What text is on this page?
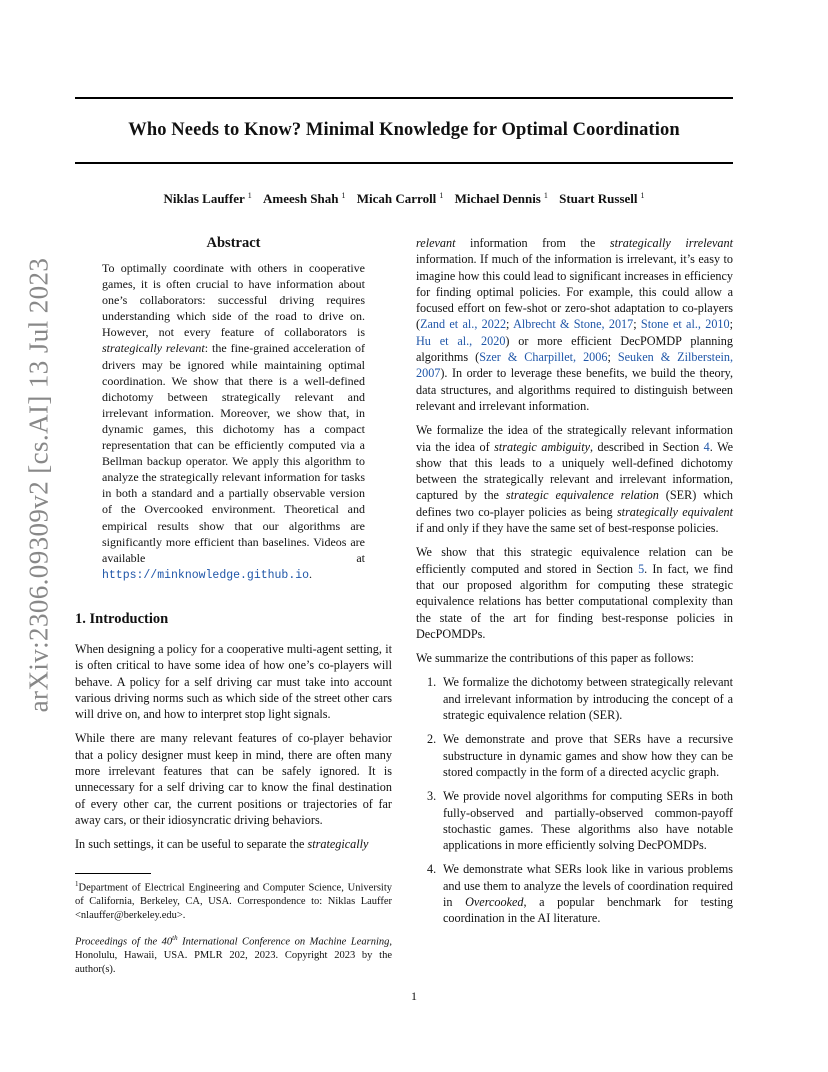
Who Needs to Know? Minimal Knowledge for Optimal Coordination
Niklas Lauffer $^1$ Ameesh Shah $^1$ Micah Carroll $^1$ Michael Dennis $^1$ Stuart Russell $^1$
arXiv:2306.09309v2 [cs.AI] 13 Jul 2023
Abstract
To optimally coordinate with others in cooperative games, it is often crucial to have information about one’s collaborators: successful driving requires understanding which side of the road to drive on. However, not every feature of collaborators is strategically relevant: the fine-grained acceleration of drivers may be ignored while maintaining optimal coordination. We show that there is a well-defined dichotomy between strategically relevant and irrelevant information. Moreover, we show that, in dynamic games, this dichotomy has a compact representation that can be efficiently computed via a Bellman backup operator. We apply this algorithm to analyze the strategically relevant information for tasks in both a standard and a partially observable version of the Overcooked environment. Theoretical and empirical results show that our algorithms are significantly more efficient than baselines. Videos are available at https://minknowledge.github.io.
1. Introduction

When designing a policy for a cooperative multi-agent setting, it is often critical to have some idea of how one’s co-players will behave. A policy for a self driving car must take into account various driving norms such as which side of the street other cars will drive on, and how to interpret stop light signals.

While there are many relevant features of co-player behavior that a policy designer must keep in mind, there are often many more irrelevant features that can be safely ignored. It is unnecessary for a self driving car to know the final destination of every other car, the current positions or trajectories of far away cars, or their idiosyncratic driving behaviors.

In such settings, it can be useful to separate the strategically

$^1$Department of Electrical Engineering and Computer Science, University of California, Berkeley, CA, USA. Correspondence to: Niklas Lauffer <nlauffer@berkeley.edu>.

Proceedings of the 40th International Conference on Machine Learning, Honolulu, Hawaii, USA. PMLR 202, 2023. Copyright 2023 by the author(s).

relevant information from the strategically irrelevant information. If much of the information is irrelevant, it’s easy to imagine how this could lead to significant increases in efficiency for finding optimal policies. For example, this could allow a focused effort on few-shot or zero-shot adaptation to co-players (Zand et al., 2022; Albrecht & Stone, 2017; Stone et al., 2010; Hu et al., 2020) or more efficient DecPOMDP planning algorithms (Szer & Charpillet, 2006; Seuken & Zilberstein, 2007). In order to leverage these benefits, we build the theory, data structures, and algorithms required to distinguish between relevant and irrelevant information.

We formalize the idea of the strategically relevant information via the idea of strategic ambiguity, described in Section 4. We show that this leads to a uniquely well-defined dichotomy between the strategically relevant and irrelevant information, captured by the strategic equivalence relation (SER) which defines two co-player policies as being strategically equivalent if and only if they have the same set of best-response policies.

We show that this strategic equivalence relation can be efficiently computed and stored in Section 5. In fact, we find that our proposed algorithm for computing these strategic equivalence relations has better computational complexity than the state of the art for finding best-response policies in DecPOMDPs.

We summarize the contributions of this paper as follows:

1. We formalize the dichotomy between strategically relevant and irrelevant information by introducing the concept of a strategic equivalence relation (SER).
2. We demonstrate and prove that SERs have a recursive substructure in dynamic games and show how they can be stored compactly in the form of a directed acyclic graph.
3. We provide novel algorithms for computing SERs in both fully-observed and partially-observed common-payoff stochastic games. These algorithms also have notable applications in more efficiently solving DecPOMDPs.
4. We demonstrate what SERs look like in various problems and use them to analyze the levels of coordination required in Overcooked, a popular benchmark for testing coordination in the AI literature.
1
